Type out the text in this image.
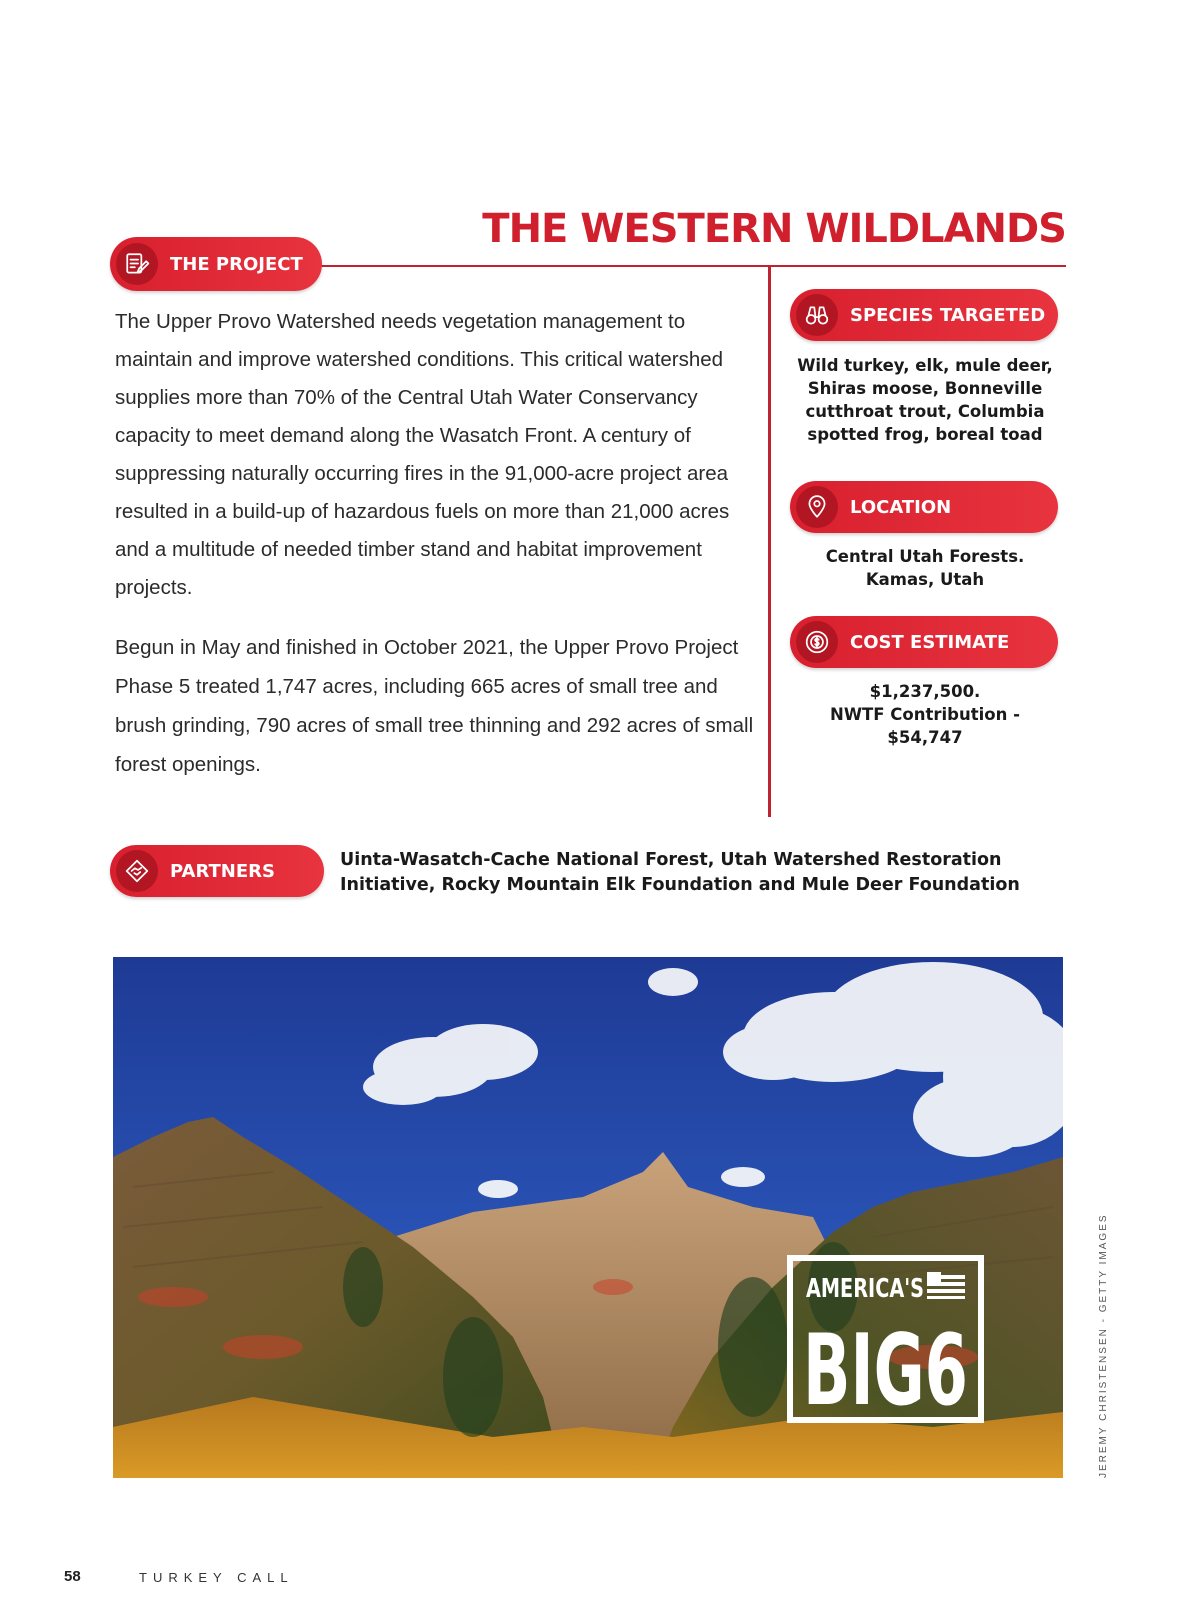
THE WESTERN WILDLANDS
THE PROJECT

The Upper Provo Watershed needs vegetation management to maintain and improve watershed conditions. This critical watershed supplies more than 70% of the Central Utah Water Conservancy capacity to meet demand along the Wasatch Front. A century of suppressing naturally occurring fires in the 91,000-acre project area resulted in a build-up of hazardous fuels on more than 21,000 acres and a multitude of needed timber stand and habitat improvement projects.

Begun in May and finished in October 2021, the Upper Provo Project Phase 5 treated 1,747 acres, including 665 acres of small tree and brush grinding, 790 acres of small tree thinning and 292 acres of small forest openings.

SPECIES TARGETED

Wild turkey, elk, mule deer, Shiras moose, Bonneville cutthroat trout, Columbia spotted frog, boreal toad

LOCATION

Central Utah Forests.
Kamas, Utah

COST ESTIMATE

$1,237,500.
NWTF Contribution -
$54,747

PARTNERS

Uinta-Wasatch-Cache National Forest, Utah Watershed Restoration Initiative, Rocky Mountain Elk Foundation and Mule Deer Foundation

AMERICA'S
BIG6	JEREMY CHRISTENSEN - GETTY IMAGES
58	TURKEY CALL
